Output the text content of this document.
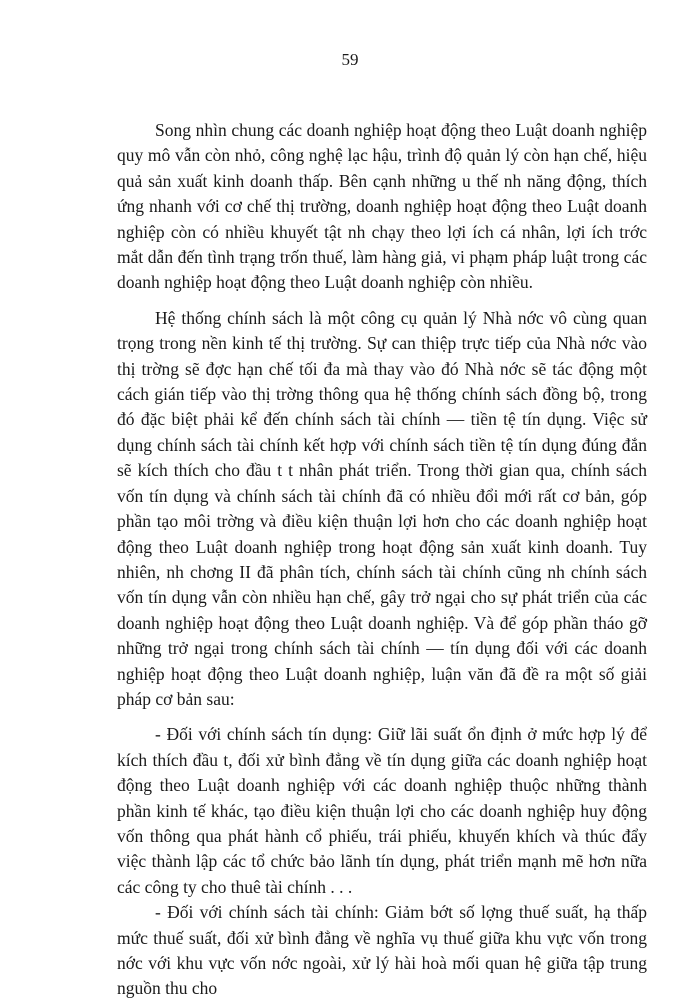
59

Song nhìn chung các doanh nghiệp hoạt động theo Luật doanh nghiệp quy mô vẫn còn nhỏ, công nghệ lạc hậu, trình độ quản lý còn hạn chế, hiệu quả sản xuất kinh doanh thấp. Bên cạnh những u thế nh năng động, thích ứng nhanh với cơ chế thị trường, doanh nghiệp hoạt động theo Luật doanh nghiệp còn có nhiều khuyết tật nh chạy theo lợi ích cá nhân, lợi ích trớc mắt dẫn đến tình trạng trốn thuế, làm hàng giả, vi phạm pháp luật trong các doanh nghiệp hoạt động theo Luật doanh nghiệp còn nhiều.

Hệ thống chính sách là một công cụ quản lý Nhà nớc vô cùng quan trọng trong nền kinh tế thị trường. Sự can thiệp trực tiếp của Nhà nớc vào thị trờng sẽ đợc hạn chế tối đa mà thay vào đó Nhà nớc sẽ tác động một cách gián tiếp vào thị trờng thông qua hệ thống chính sách đồng bộ, trong đó đặc biệt phải kể đến chính sách tài chính — tiền tệ tín dụng. Việc sử dụng chính sách tài chính kết hợp với chính sách tiền tệ tín dụng đúng đắn sẽ kích thích cho đầu t t nhân phát triển. Trong thời gian qua, chính sách vốn tín dụng và chính sách tài chính đã có nhiều đổi mới rất cơ bản, góp phần tạo môi trờng và điều kiện thuận lợi hơn cho các doanh nghiệp hoạt động theo Luật doanh nghiệp trong hoạt động sản xuất kinh doanh. Tuy nhiên, nh chơng II đã phân tích, chính sách tài chính cũng nh chính sách vốn tín dụng vẫn còn nhiều hạn chế, gây trở ngại cho sự phát triển của các doanh nghiệp hoạt động theo Luật doanh nghiệp. Và để góp phần tháo gỡ những trở ngại trong chính sách tài chính — tín dụng đối với các doanh nghiệp hoạt động theo Luật doanh nghiệp, luận văn đã đề ra một số giải pháp cơ bản sau:

- Đối với chính sách tín dụng: Giữ lãi suất ổn định ở mức hợp lý để kích thích đầu t, đối xử bình đẳng về tín dụng giữa các doanh nghiệp hoạt động theo Luật doanh nghiệp với các doanh nghiệp thuộc những thành phần kinh tế khác, tạo điều kiện thuận lợi cho các doanh nghiệp huy động vốn thông qua phát hành cổ phiếu, trái phiếu, khuyến khích và thúc đẩy việc thành lập các tổ chức bảo lãnh tín dụng, phát triển mạnh mẽ hơn nữa các công ty cho thuê tài chính . . .

- Đối với chính sách tài chính: Giảm bớt số lợng thuế suất, hạ thấp mức thuế suất, đối xử bình đẳng về nghĩa vụ thuế giữa khu vực vốn trong nớc với khu vực vốn nớc ngoài, xử lý hài hoà mối quan hệ giữa tập trung nguồn thu cho
